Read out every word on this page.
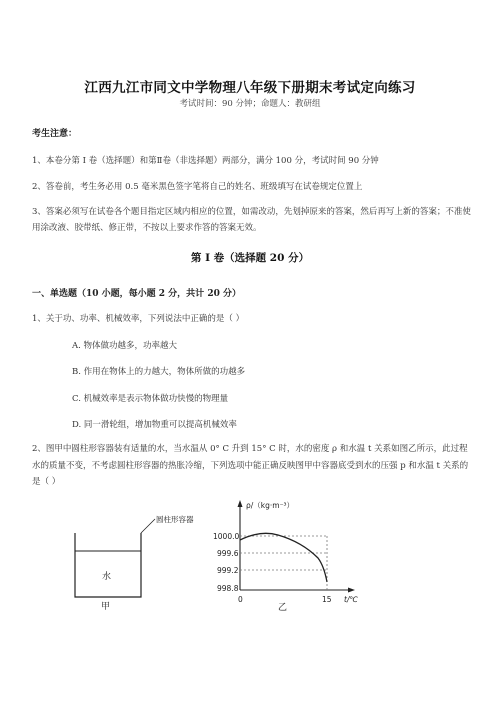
江西九江市同文中学物理八年级下册期末考试定向练习
考试时间：90 分钟；命题人：教研组
考生注意：
1、本卷分第 I 卷（选择题）和第Ⅱ卷（非选择题）两部分，满分 100 分，考试时间 90 分钟
2、答卷前，考生务必用 0.5 毫米黑色签字笔将自己的姓名、班级填写在试卷规定位置上
3、答案必须写在试卷各个题目指定区域内相应的位置，如需改动，先划掉原来的答案，然后再写上新的答案；不准使用涂改液、胶带纸、修正带，不按以上要求作答的答案无效。
第 I 卷（选择题 20 分）
一、单选题（10 小题，每小题 2 分，共计 20 分）
1、关于功、功率、机械效率，下列说法中正确的是（ ）
A. 物体做功越多，功率越大
B. 作用在物体上的力越大，物体所做的功越多
C. 机械效率是表示物体做功快慢的物理量
D. 同一滑轮组，增加物重可以提高机械效率
2、图甲中圆柱形容器装有适量的水，当水温从 0° C 升到 15° C 时，水的密度 ρ 和水温 t 关系如图乙所示，此过程水的质量不变，不考虑圆柱形容器的热胀冷缩，下列选项中能正确反映图甲中容器底受到水的压强 p 和水温 t 关系的是（ ）
圆柱形容器
水
甲
ρ/（kg·m⁻³）
1000.0
999.6
999.2
998.8
0	15 t/℃
乙
